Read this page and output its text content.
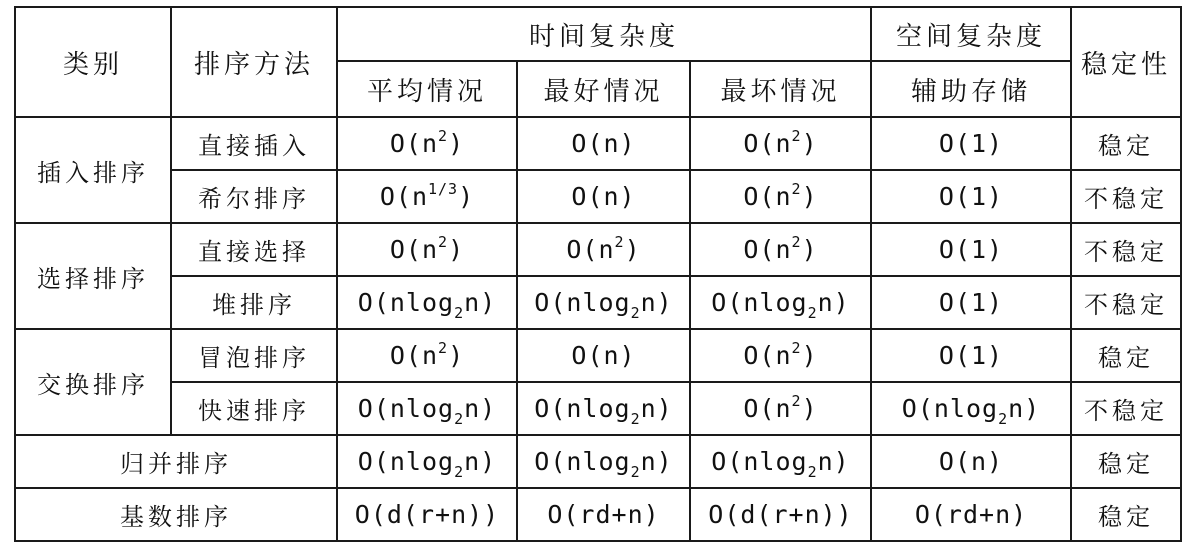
类别	排序方法	时间复杂度			空间复杂度	稳定性
		平均情况	最好情况	最坏情况	辅助存储	
插入排序	直接插入	$O(n^2)$	O(n)	$O(n^2)$	O(1)	稳定
	希尔排序	$O(n^{1/3})$	O(n)	$O(n^2)$	O(1)	不稳定
选择排序	直接选择	$O(n^2)$	$O(n^2)$	$O(n^2)$	O(1)	不稳定
	堆排序	O(nlog$_2$n)	O(nlog$_2$n)	O(nlog$_2$n)	O(1)	不稳定
交换排序	冒泡排序	$O(n^2)$	O(n)	$O(n^2)$	O(1)	稳定
	快速排序	O(nlog$_2$n)	O(nlog$_2$n)	$O(n^2)$	O(nlog$_2$n)	不稳定
归并排序		O(nlog$_2$n)	O(nlog$_2$n)	O(nlog$_2$n)	O(n)	稳定
基数排序		O(d(r+n))	O(rd+n)	O(d(r+n))	O(rd+n)	稳定
